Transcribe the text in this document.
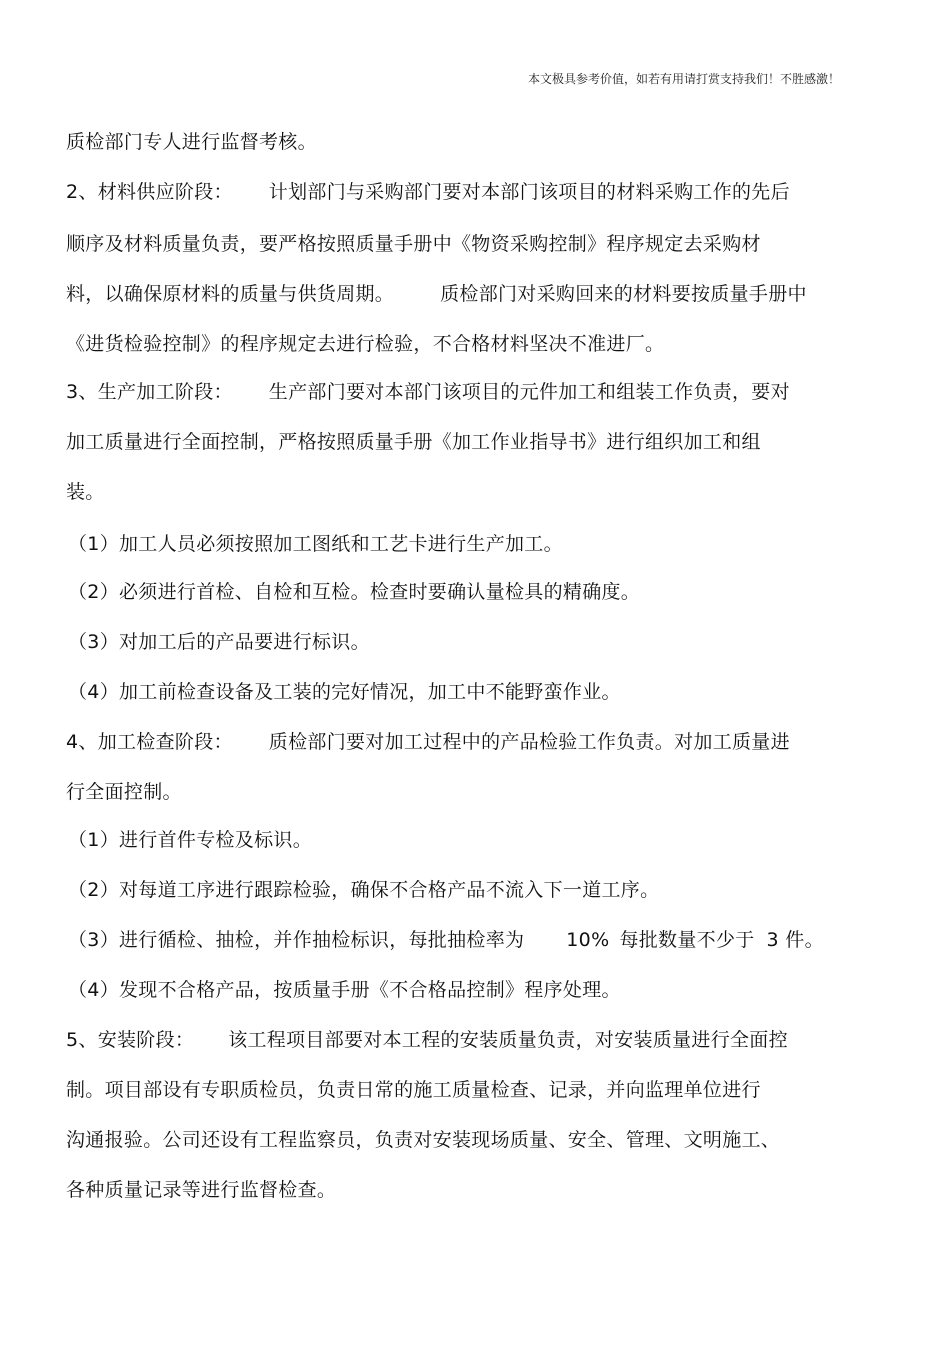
本文极具参考价值，如若有用请打赏支持我们！不胜感激！
质检部门专人进行监督考核。
2、材料供应阶段： 计划部门与采购部门要对本部门该项目的材料采购工作的先后
顺序及材料质量负责，要严格按照质量手册中《物资采购控制》程序规定去采购材
料，以确保原材料的质量与供货周期。 质检部门对采购回来的材料要按质量手册中
《进货检验控制》的程序规定去进行检验，不合格材料坚决不准进厂。
3、生产加工阶段： 生产部门要对本部门该项目的元件加工和组装工作负责，要对
加工质量进行全面控制，严格按照质量手册《加工作业指导书》进行组织加工和组
装。
（1）加工人员必须按照加工图纸和工艺卡进行生产加工。
（2）必须进行首检、自检和互检。检查时要确认量检具的精确度。
（3）对加工后的产品要进行标识。
（4）加工前检查设备及工装的完好情况，加工中不能野蛮作业。
4、加工检查阶段： 质检部门要对加工过程中的产品检验工作负责。对加工质量进
行全面控制。
（1）进行首件专检及标识。
（2）对每道工序进行跟踪检验，确保不合格产品不流入下一道工序。
（3）进行循检、抽检，并作抽检标识，每批抽检率为 10% 每批数量不少于 3 件。
（4）发现不合格产品，按质量手册《不合格品控制》程序处理。
5、安装阶段： 该工程项目部要对本工程的安装质量负责，对安装质量进行全面控
制。项目部设有专职质检员，负责日常的施工质量检查、记录，并向监理单位进行
沟通报验。公司还设有工程监察员，负责对安装现场质量、安全、管理、文明施工、
各种质量记录等进行监督检查。
